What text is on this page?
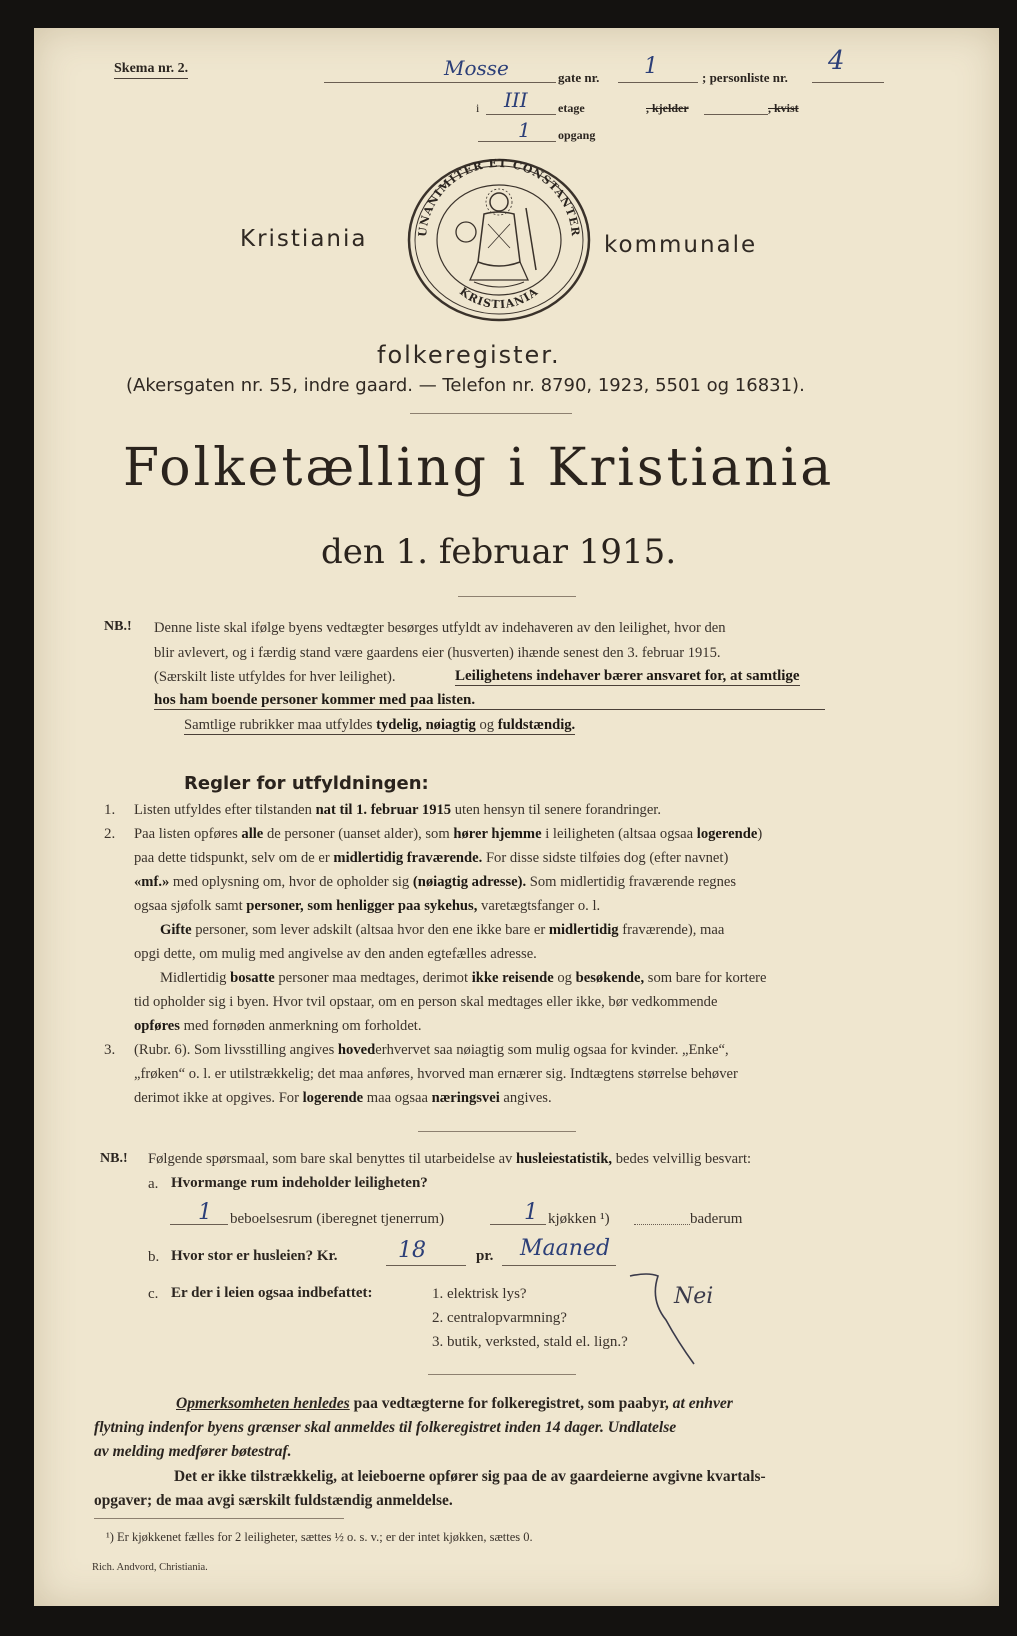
Skema nr. 2.	Mosse	gate nr. 1	; personliste nr.
4
i III	etage	, kjelder	, kvist
1 opgang
UNANIMITER ET CONSTANTER
KRISTIANIA
Kristiania	kommunale
folkeregister.
(Akersgaten nr. 55, indre gaard. — Telefon nr. 8790, 1923, 5501 og 16831).
Folketælling i Kristiania
den 1. februar 1915.
NB.! Denne liste skal ifølge byens vedtægter besørges utfyldt av indehaveren av den leilighet, hvor den
blir avlevert, og i færdig stand være gaardens eier (husverten) ihænde senest den 3. februar 1915.
(Særskilt liste utfyldes for hver leilighet).	Leilighetens indehaver bærer ansvaret for, at samtlige
hos ham boende personer kommer med paa listen.
Samtlige rubrikker maa utfyldes tydelig, nøiagtig og fuldstændig.
Regler for utfyldningen:
1. Listen utfyldes efter tilstanden nat til 1. februar 1915 uten hensyn til senere forandringer.
2. Paa listen opføres alle de personer (uanset alder), som hører hjemme i leiligheten (altsaa ogsaa logerende)
paa dette tidspunkt, selv om de er midlertidig fraværende. For disse sidste tilføies dog (efter navnet)
«mf.» med oplysning om, hvor de opholder sig (nøiagtig adresse). Som midlertidig fraværende regnes
ogsaa sjøfolk samt personer, som henligger paa sykehus, varetægtsfanger o. l.
Gifte personer, som lever adskilt (altsaa hvor den ene ikke bare er midlertidig fraværende), maa
opgi dette, om mulig med angivelse av den anden egtefælles adresse.
Midlertidig bosatte personer maa medtages, derimot ikke reisende og besøkende, som bare for kortere
tid opholder sig i byen. Hvor tvil opstaar, om en person skal medtages eller ikke, bør vedkommende
opføres med fornøden anmerkning om forholdet.
3. (Rubr. 6). Som livsstilling angives hovederhvervet saa nøiagtig som mulig ogsaa for kvinder. „Enke“,
„frøken“ o. l. er utilstrækkelig; det maa anføres, hvorved man ernærer sig. Indtægtens størrelse behøver
derimot ikke at opgives. For logerende maa ogsaa næringsvei angives.
NB.! Følgende spørsmaal, som bare skal benyttes til utarbeidelse av husleiestatistik, bedes velvillig besvart:
a. Hvormange rum indeholder leiligheten?
1 beboelsesrum (iberegnet tjenerrum)	1 kjøkken ¹)	baderum
b. Hvor stor er husleien? Kr.	18	pr. Maaned
c. Er der i leien ogsaa indbefattet:	1. elektrisk lys?
2. centralopvarmning?
3. butik, verksted, stald el. lign.?
Nei
Opmerksomheten henledes paa vedtægterne for folkeregistret, som paabyr, at enhver
flytning indenfor byens grænser skal anmeldes til folkeregistret inden 14 dager. Undlatelse
av melding medfører bøtestraf.
Det er ikke tilstrækkelig, at leieboerne opfører sig paa de av gaardeierne avgivne kvartals-
opgaver; de maa avgi særskilt fuldstændig anmeldelse.
¹) Er kjøkkenet fælles for 2 leiligheter, sættes ½ o. s. v.; er der intet kjøkken, sættes 0.
Rich. Andvord, Christiania.
